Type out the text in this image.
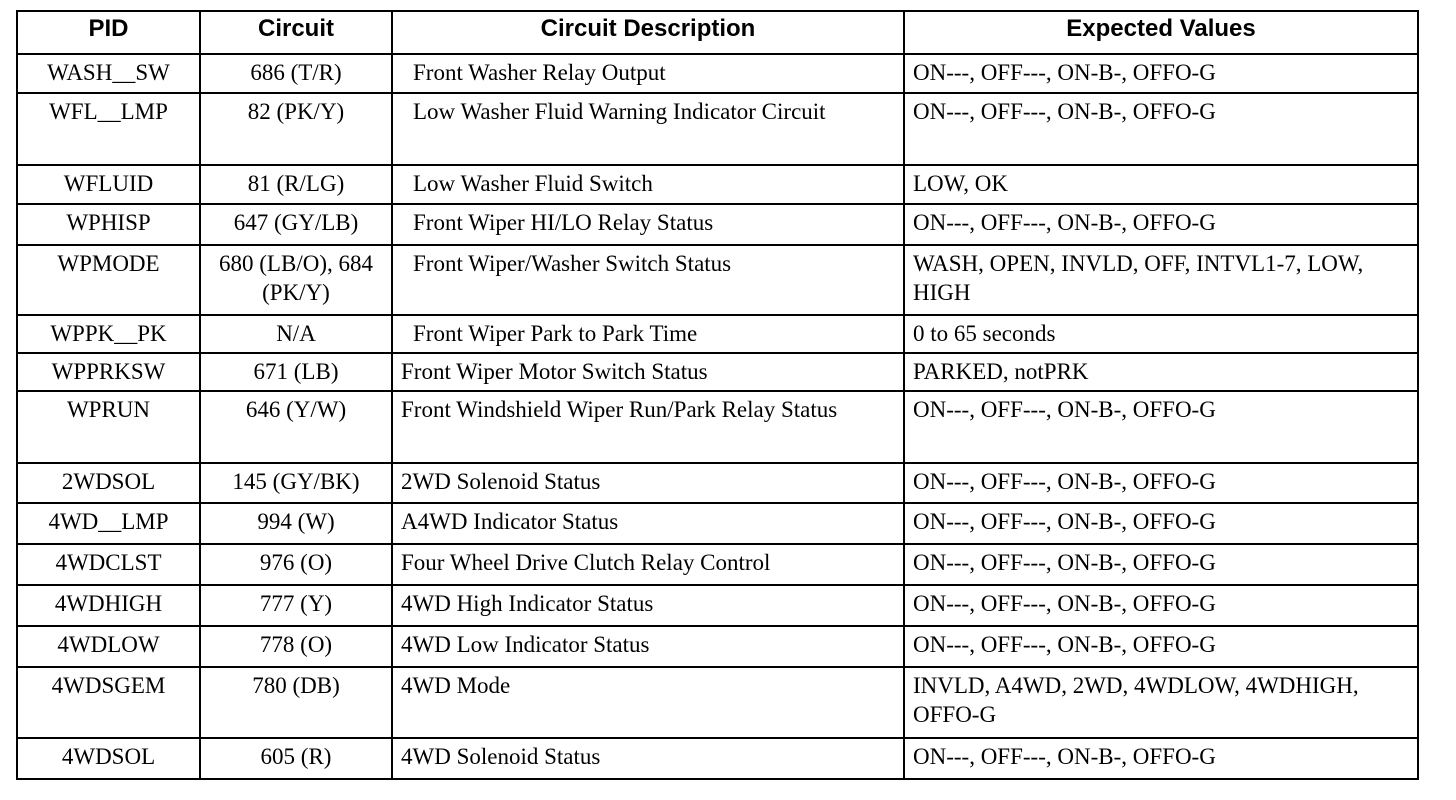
PID	Circuit	Circuit Description	Expected Values
WASH__SW	686 (T/R)	Front Washer Relay Output	ON---, OFF---, ON-B-, OFFO-G
WFL__LMP	82 (PK/Y)	Low Washer Fluid Warning Indicator Circuit	ON---, OFF---, ON-B-, OFFO-G
WFLUID	81 (R/LG)	Low Washer Fluid Switch	LOW, OK
WPHISP	647 (GY/LB)	Front Wiper HI/LO Relay Status	ON---, OFF---, ON-B-, OFFO-G
WPMODE	680 (LB/O), 684 (PK/Y)	Front Wiper/Washer Switch Status	WASH, OPEN, INVLD, OFF, INTVL1-7, LOW, HIGH
WPPK__PK	N/A	Front Wiper Park to Park Time	0 to 65 seconds
WPPRKSW	671 (LB)	Front Wiper Motor Switch Status	PARKED, notPRK
WPRUN	646 (Y/W)	Front Windshield Wiper Run/Park Relay Status	ON---, OFF---, ON-B-, OFFO-G
2WDSOL	145 (GY/BK)	2WD Solenoid Status	ON---, OFF---, ON-B-, OFFO-G
4WD__LMP	994 (W)	A4WD Indicator Status	ON---, OFF---, ON-B-, OFFO-G
4WDCLST	976 (O)	Four Wheel Drive Clutch Relay Control	ON---, OFF---, ON-B-, OFFO-G
4WDHIGH	777 (Y)	4WD High Indicator Status	ON---, OFF---, ON-B-, OFFO-G
4WDLOW	778 (O)	4WD Low Indicator Status	ON---, OFF---, ON-B-, OFFO-G
4WDSGEM	780 (DB)	4WD Mode	INVLD, A4WD, 2WD, 4WDLOW, 4WDHIGH, OFFO-G
4WDSOL	605 (R)	4WD Solenoid Status	ON---, OFF---, ON-B-, OFFO-G
